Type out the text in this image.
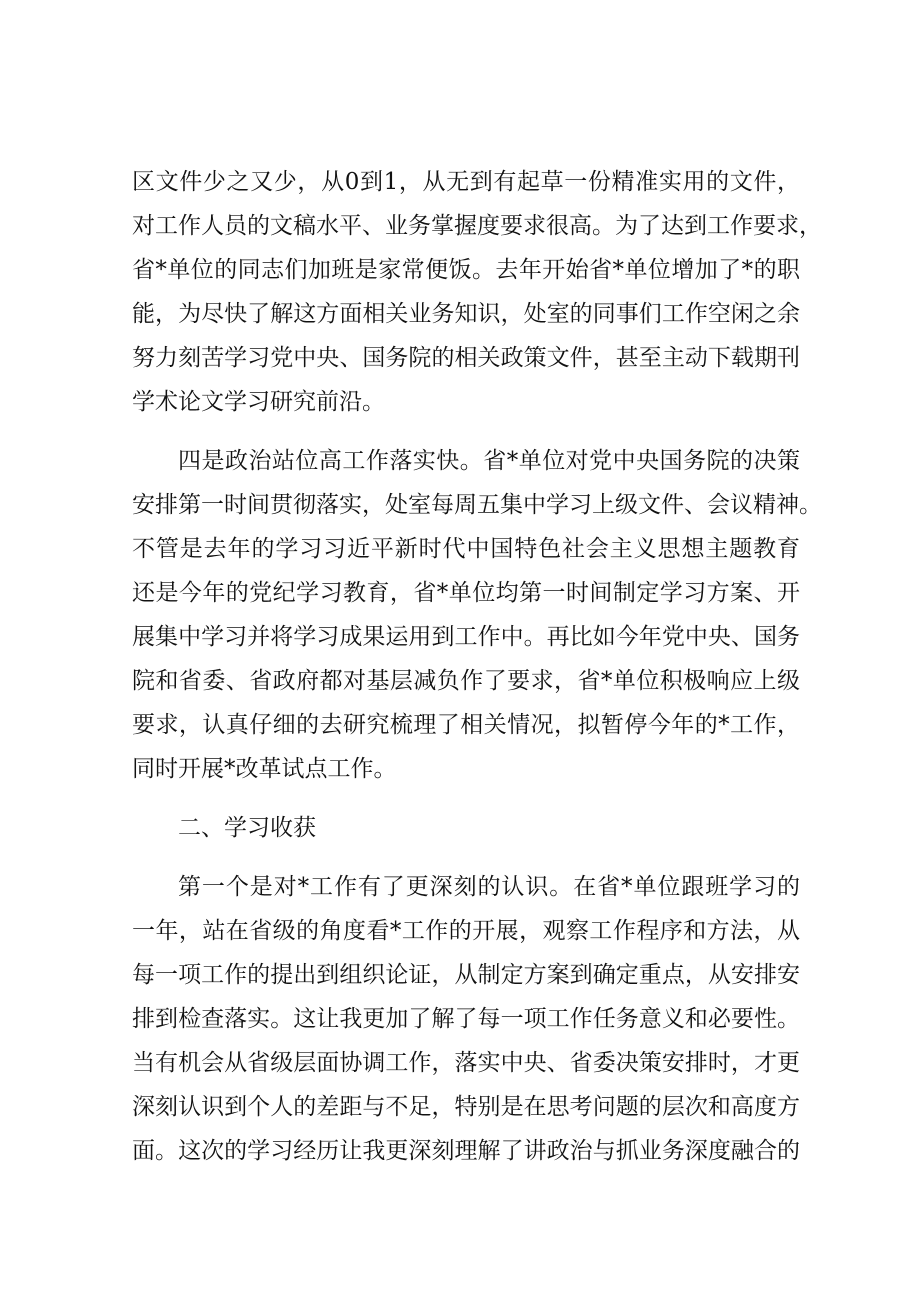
区文件少之又少，从0到1，从无到有起草一份精准实用的文件，
对工作人员的文稿水平、业务掌握度要求很高。为了达到工作要求，
省*单位的同志们加班是家常便饭。去年开始省*单位增加了*的职
能，为尽快了解这方面相关业务知识，处室的同事们工作空闲之余
努力刻苦学习党中央、国务院的相关政策文件，甚至主动下载期刊
学术论文学习研究前沿。
四是政治站位高工作落实快。省*单位对党中央国务院的决策
安排第一时间贯彻落实，处室每周五集中学习上级文件、会议精神。
不管是去年的学习习近平新时代中国特色社会主义思想主题教育
还是今年的党纪学习教育，省*单位均第一时间制定学习方案、开
展集中学习并将学习成果运用到工作中。再比如今年党中央、国务
院和省委、省政府都对基层减负作了要求，省*单位积极响应上级
要求，认真仔细的去研究梳理了相关情况，拟暂停今年的*工作，
同时开展*改革试点工作。
二、学习收获
第一个是对*工作有了更深刻的认识。在省*单位跟班学习的
一年，站在省级的角度看*工作的开展，观察工作程序和方法，从
每一项工作的提出到组织论证，从制定方案到确定重点，从安排安
排到检查落实。这让我更加了解了每一项工作任务意义和必要性。
当有机会从省级层面协调工作，落实中央、省委决策安排时，才更
深刻认识到个人的差距与不足，特别是在思考问题的层次和高度方
面。这次的学习经历让我更深刻理解了讲政治与抓业务深度融合的
